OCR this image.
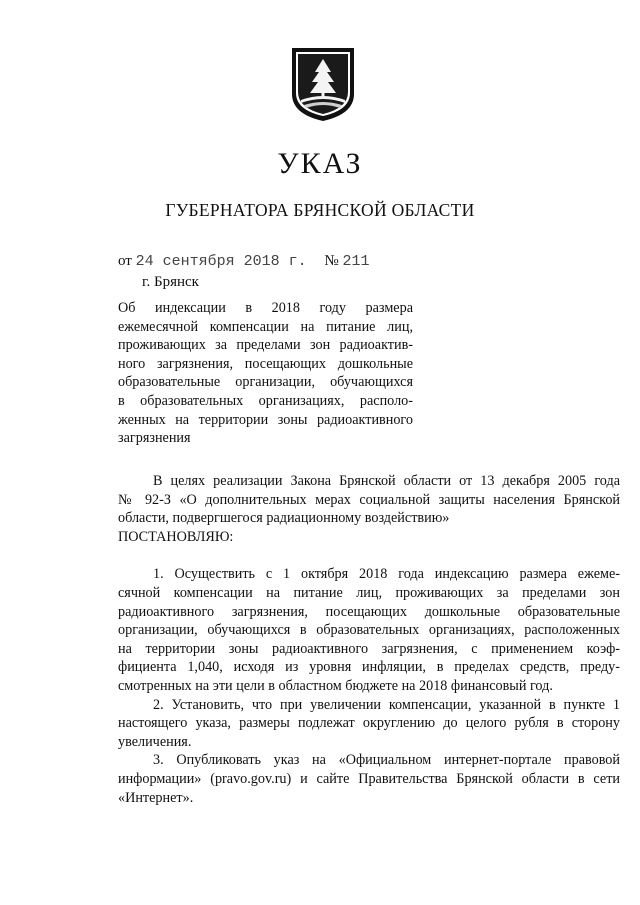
УКАЗ
ГУБЕРНАТОРА БРЯНСКОЙ ОБЛАСТИ
от 24 сентября 2018 г. № 211
г. Брянск
Об индексации в 2018 году размера
ежемесячной компенсации на питание лиц,
проживающих за пределами зон радиоактив-
ного загрязнения, посещающих дошкольные
образовательные организации, обучающихся
в образовательных организациях, располо-
женных на территории зоны радиоактивного
загрязнения
В целях реализации Закона Брянской области от 13 декабря 2005 года
№ 92-З «О дополнительных мерах социальной защиты населения Брянской
области, подвергшегося радиационному воздействию»
ПОСТАНОВЛЯЮ:
1. Осуществить с 1 октября 2018 года индексацию размера ежеме-
сячной компенсации на питание лиц, проживающих за пределами зон
радиоактивного загрязнения, посещающих дошкольные образовательные
организации, обучающихся в образовательных организациях, расположенных
на территории зоны радиоактивного загрязнения, с применением коэф-
фициента 1,040, исходя из уровня инфляции, в пределах средств, преду-
смотренных на эти цели в областном бюджете на 2018 финансовый год.
2. Установить, что при увеличении компенсации, указанной в пункте 1
настоящего указа, размеры подлежат округлению до целого рубля в сторону
увеличения.
3. Опубликовать указ на «Официальном интернет-портале правовой
информации» (pravo.gov.ru) и сайте Правительства Брянской области в сети
«Интернет».
